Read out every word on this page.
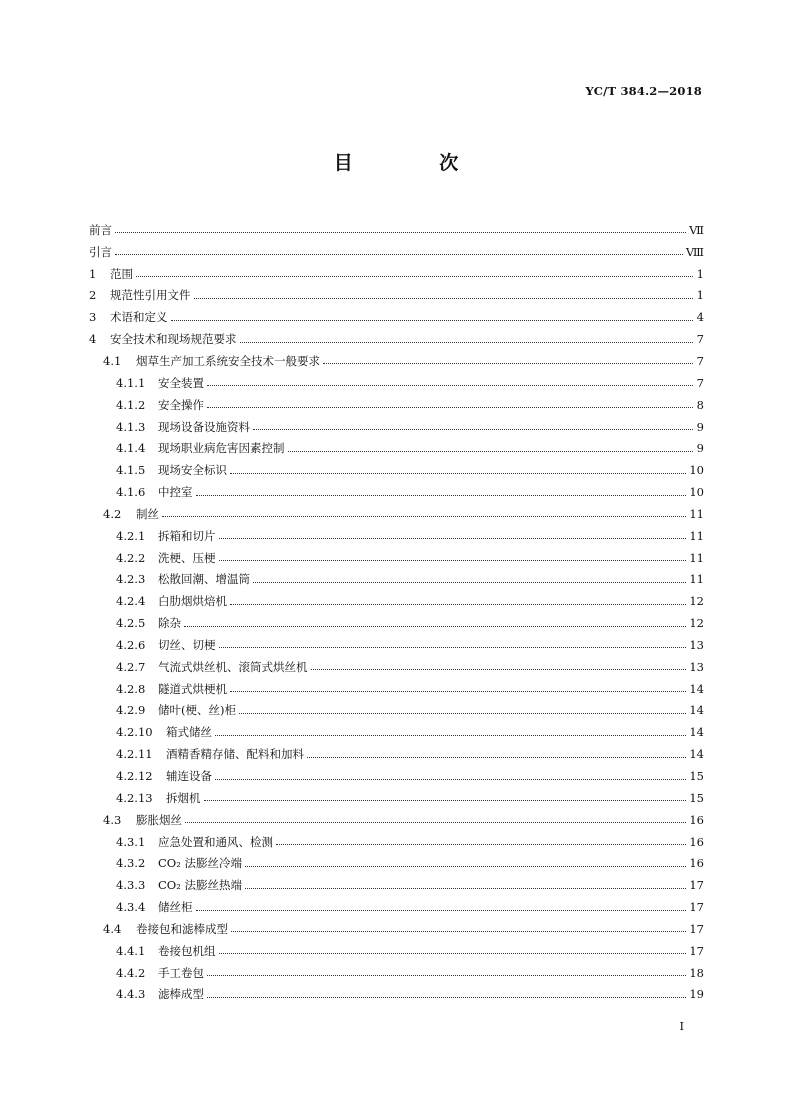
YC/T 384.2—2018
目 次
前言	Ⅶ
引言	Ⅷ
1 范围	1
2 规范性引用文件	1
3 术语和定义	4
4 安全技术和现场规范要求	7
4.1 烟草生产加工系统安全技术一般要求	7
4.1.1 安全装置	7
4.1.2 安全操作	8
4.1.3 现场设备设施资料	9
4.1.4 现场职业病危害因素控制	9
4.1.5 现场安全标识	10
4.1.6 中控室	10
4.2 制丝	11
4.2.1 拆箱和切片	11
4.2.2 洗梗、压梗	11
4.2.3 松散回潮、增温筒	11
4.2.4 白肋烟烘焙机	12
4.2.5 除杂	12
4.2.6 切丝、切梗	13
4.2.7 气流式烘丝机、滚筒式烘丝机	13
4.2.8 隧道式烘梗机	14
4.2.9 储叶(梗、丝)柜	14
4.2.10 箱式储丝	14
4.2.11 酒精香精存储、配料和加料	14
4.2.12 辅连设备	15
4.2.13 拆烟机	15
4.3 膨胀烟丝	16
4.3.1 应急处置和通风、检测	16
4.3.2 CO₂ 法膨丝冷端	16
4.3.3 CO₂ 法膨丝热端	17
4.3.4 储丝柜	17
4.4 卷接包和滤棒成型	17
4.4.1 卷接包机组	17
4.4.2 手工卷包	18
4.4.3 滤棒成型	19
Ⅰ
